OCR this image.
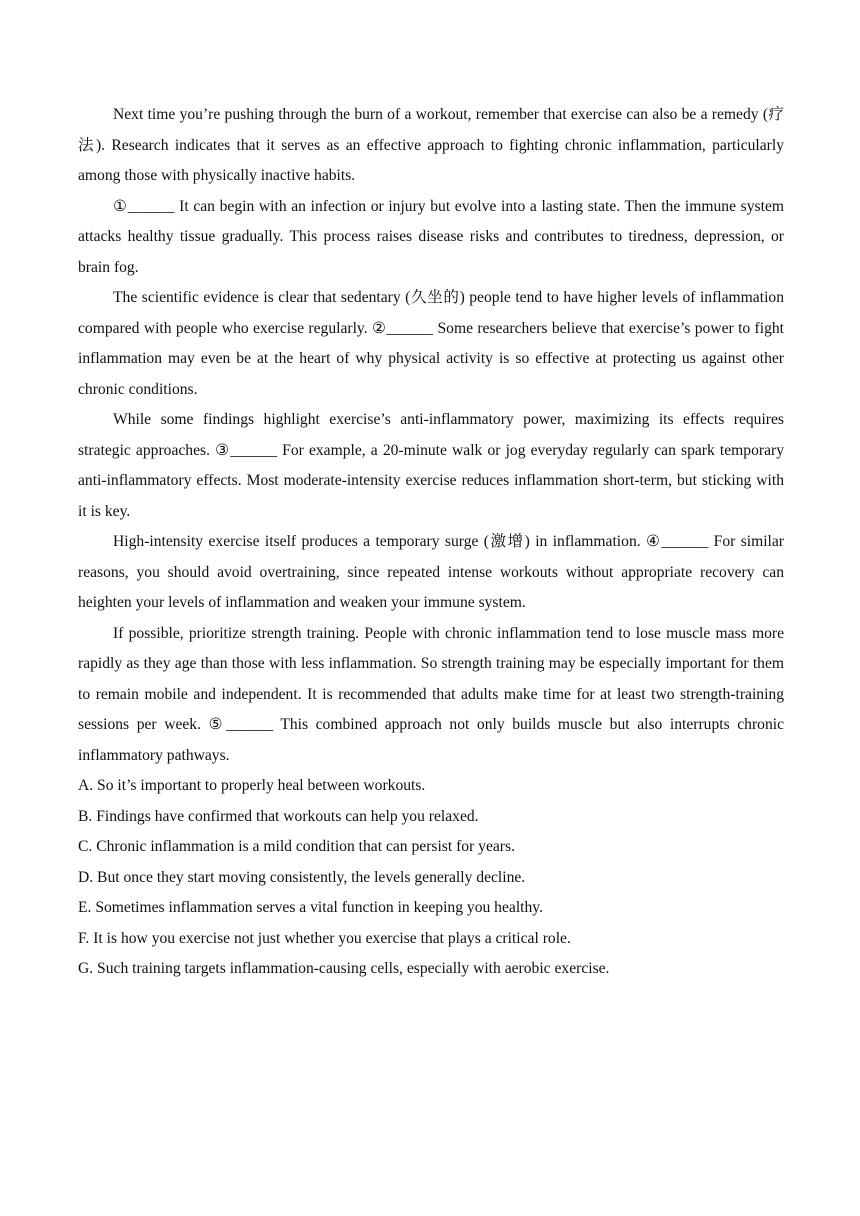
Next time you’re pushing through the burn of a workout, remember that exercise can also be a remedy (疗法). Research indicates that it serves as an effective approach to fighting chronic inflammation, particularly among those with physically inactive habits.

①______ It can begin with an infection or injury but evolve into a lasting state. Then the immune system attacks healthy tissue gradually. This process raises disease risks and contributes to tiredness, depression, or brain fog.

The scientific evidence is clear that sedentary (久坐的) people tend to have higher levels of inflammation compared with people who exercise regularly. ②______ Some researchers believe that exercise’s power to fight inflammation may even be at the heart of why physical activity is so effective at protecting us against other chronic conditions.

While some findings highlight exercise’s anti-inflammatory power, maximizing its effects requires strategic approaches. ③______ For example, a 20-minute walk or jog everyday regularly can spark temporary anti-inflammatory effects. Most moderate-intensity exercise reduces inflammation short-term, but sticking with it is key.

High-intensity exercise itself produces a temporary surge (激增) in inflammation. ④______ For similar reasons, you should avoid overtraining, since repeated intense workouts without appropriate recovery can heighten your levels of inflammation and weaken your immune system.

If possible, prioritize strength training. People with chronic inflammation tend to lose muscle mass more rapidly as they age than those with less inflammation. So strength training may be especially important for them to remain mobile and independent. It is recommended that adults make time for at least two strength-training sessions per week. ⑤______ This combined approach not only builds muscle but also interrupts chronic inflammatory pathways.

A. So it’s important to properly heal between workouts.

B. Findings have confirmed that workouts can help you relaxed.

C. Chronic inflammation is a mild condition that can persist for years.

D. But once they start moving consistently, the levels generally decline.

E. Sometimes inflammation serves a vital function in keeping you healthy.

F. It is how you exercise not just whether you exercise that plays a critical role.

G. Such training targets inflammation-causing cells, especially with aerobic exercise.
